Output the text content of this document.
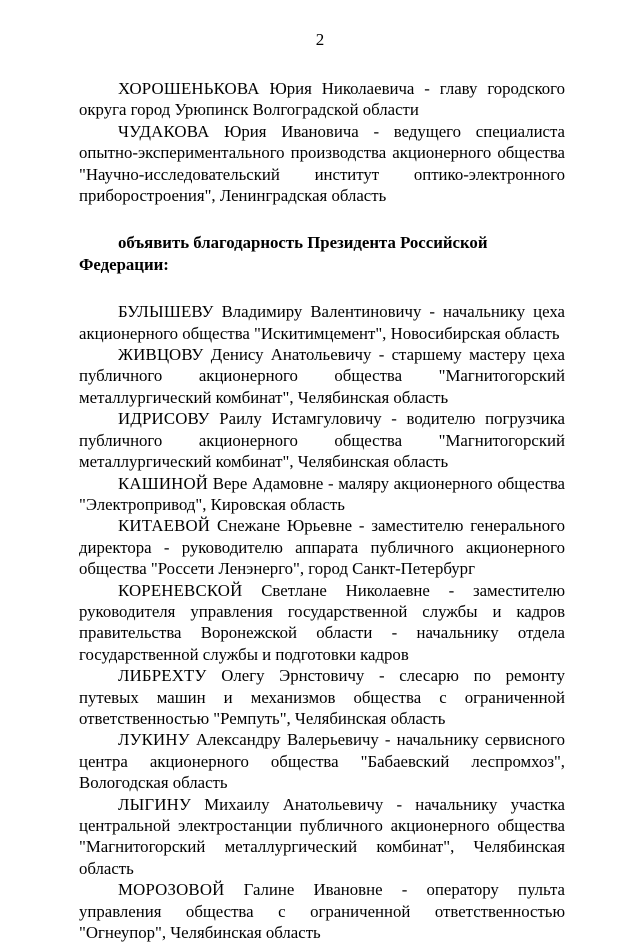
2

ХОРОШЕНЬКОВА Юрия Николаевича - главу городского округа город Урюпинск Волгоградской области

ЧУДАКОВА Юрия Ивановича - ведущего специалиста опытно-экспериментального производства акционерного общества "Научно-исследовательский институт оптико-электронного приборостроения", Ленинградская область

объявить благодарность Президента Российской Федерации:

БУЛЫШЕВУ Владимиру Валентиновичу - начальнику цеха акционерного общества "Искитимцемент", Новосибирская область

ЖИВЦОВУ Денису Анатольевичу - старшему мастеру цеха публичного акционерного общества "Магнитогорский металлургический комбинат", Челябинская область

ИДРИСОВУ Раилу Истамгуловичу - водителю погрузчика публичного акционерного общества "Магнитогорский металлургический комбинат", Челябинская область

КАШИНОЙ Вере Адамовне - маляру акционерного общества "Электропривод", Кировская область

КИТАЕВОЙ Снежане Юрьевне - заместителю генерального директора - руководителю аппарата публичного акционерного общества "Россети Ленэнерго", город Санкт-Петербург

КОРЕНЕВСКОЙ Светлане Николаевне - заместителю руководителя управления государственной службы и кадров правительства Воронежской области - начальнику отдела государственной службы и подготовки кадров

ЛИБРЕХТУ Олегу Эрнстовичу - слесарю по ремонту путевых машин и механизмов общества с ограниченной ответственностью "Ремпуть", Челябинская область

ЛУКИНУ Александру Валерьевичу - начальнику сервисного центра акционерного общества "Бабаевский леспромхоз", Вологодская область

ЛЫГИНУ Михаилу Анатольевичу - начальнику участка центральной электростанции публичного акционерного общества "Магнитогорский металлургический комбинат", Челябинская область

МОРОЗОВОЙ Галине Ивановне - оператору пульта управления общества с ограниченной ответственностью "Огнеупор", Челябинская область
